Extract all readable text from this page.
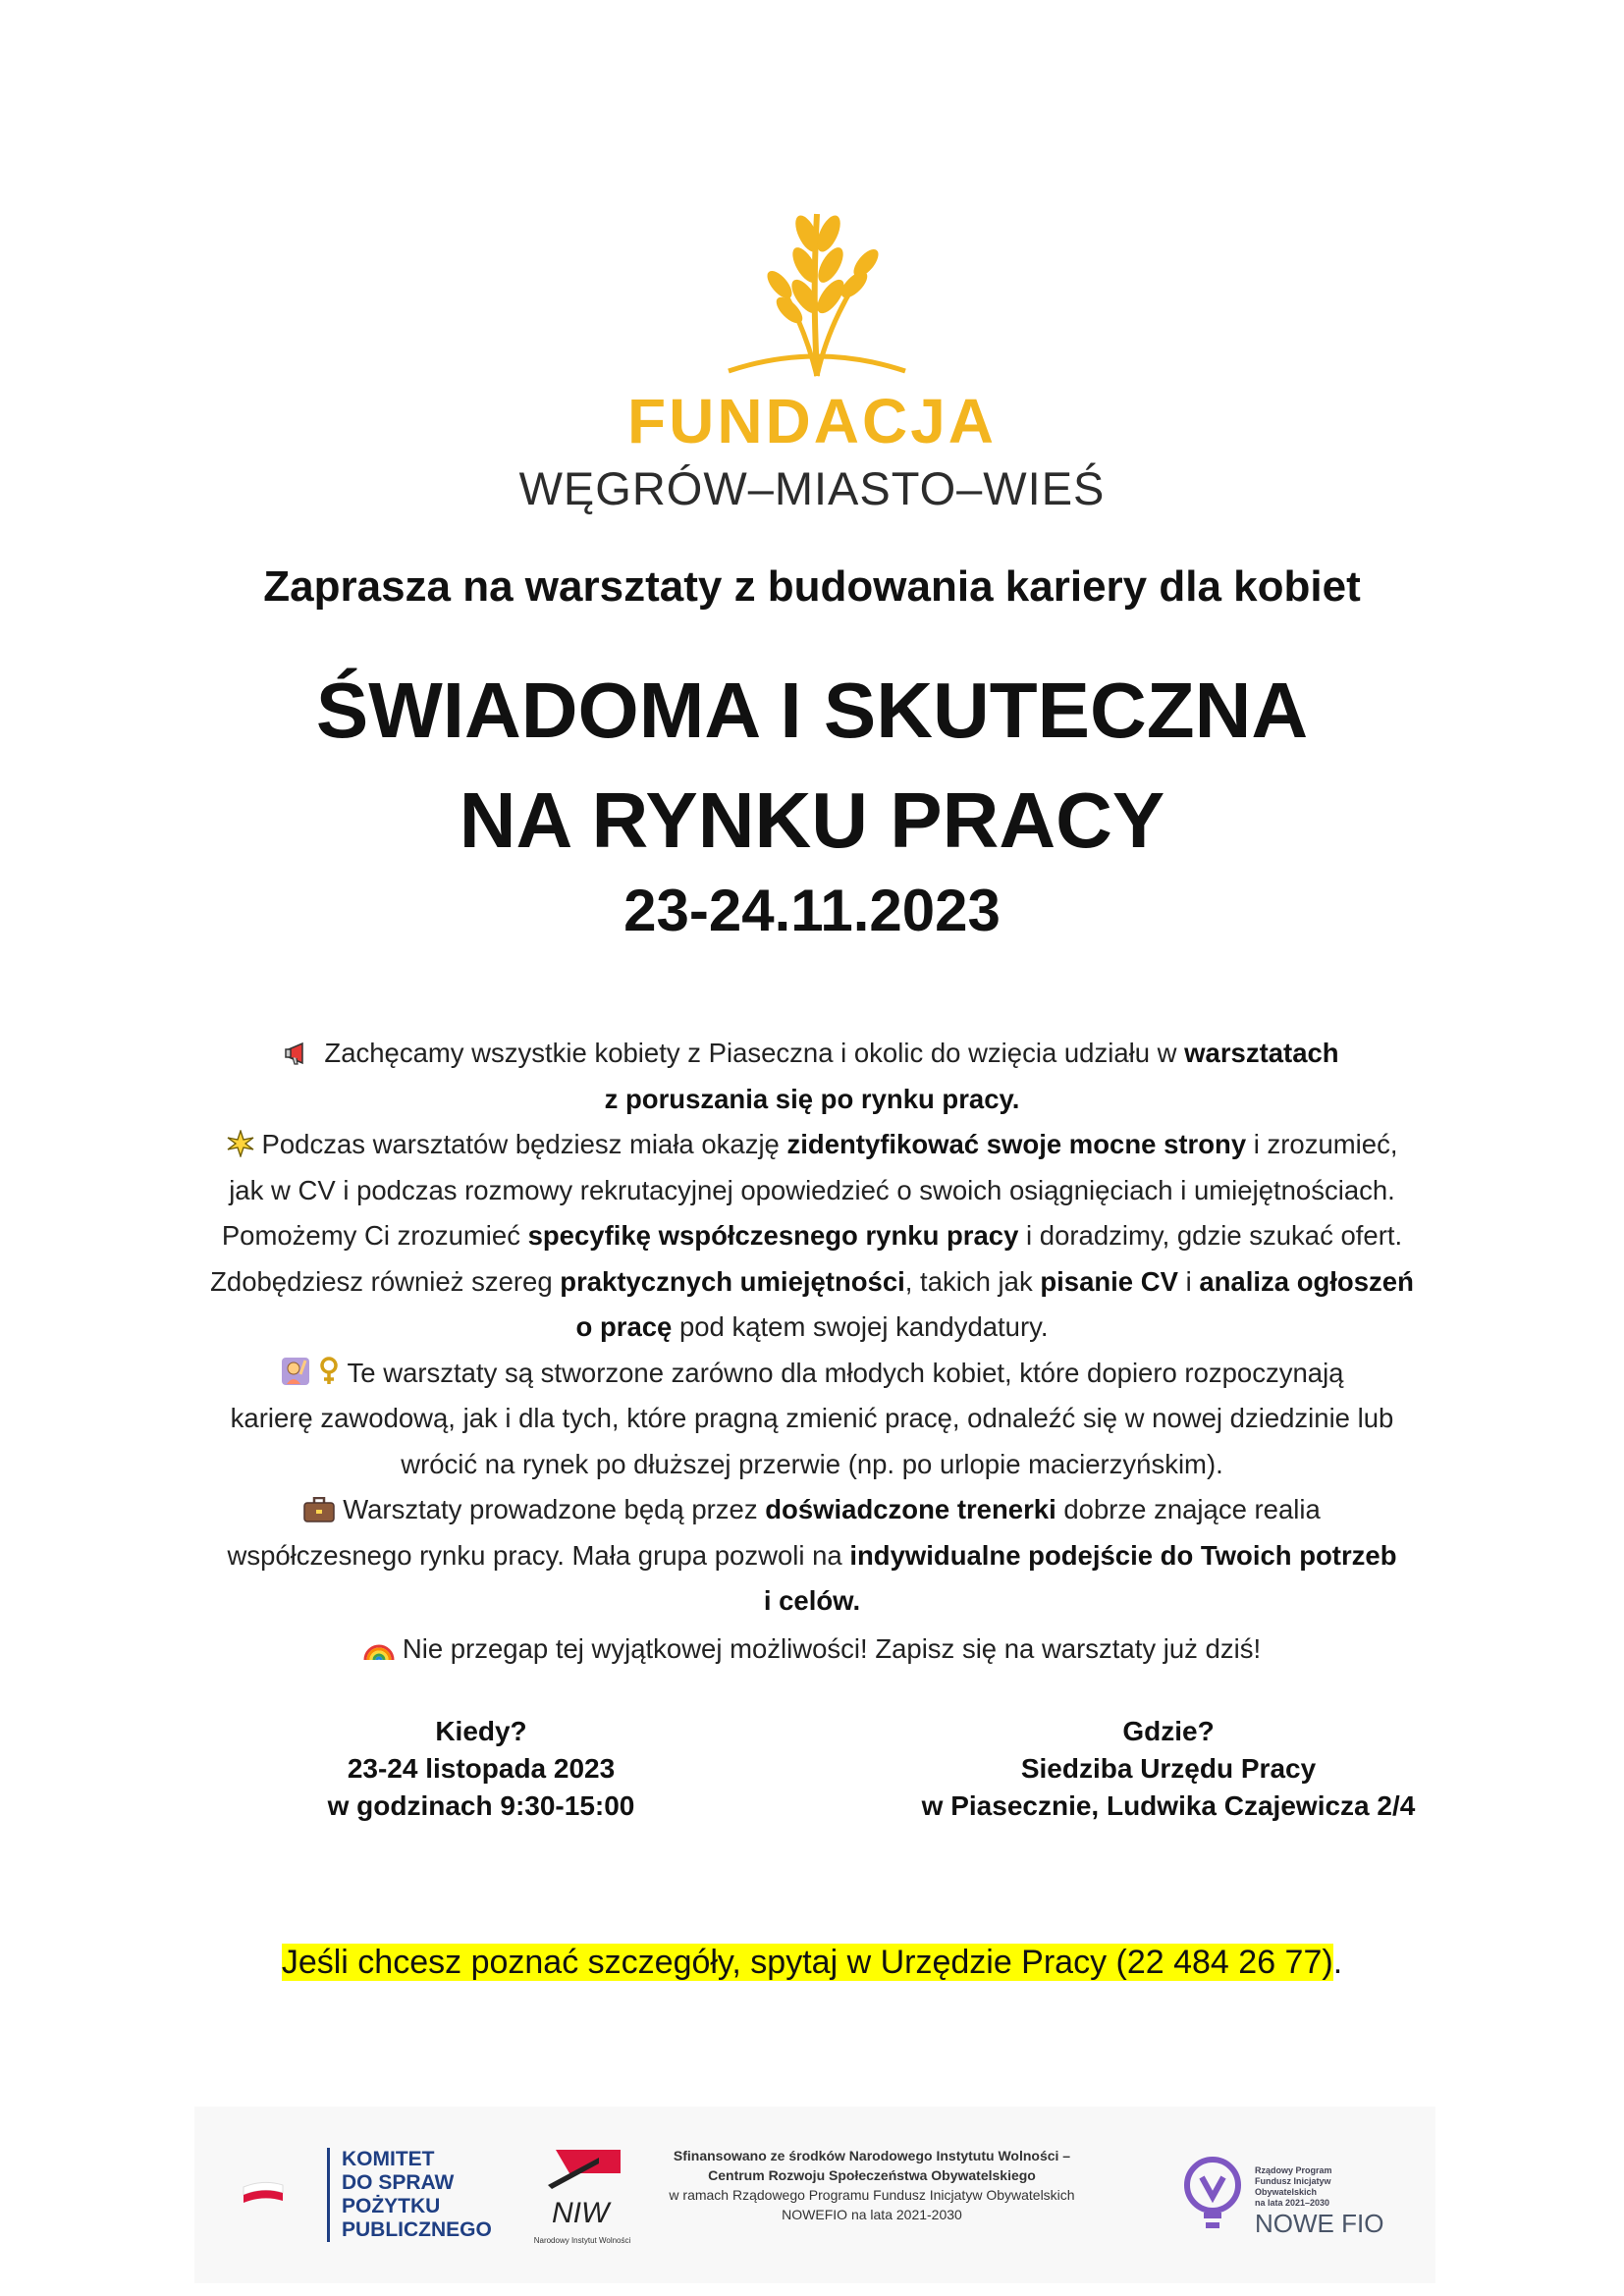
FUNDACJA
WĘGRÓW–MIASTO–WIEŚ
Zaprasza na warsztaty z budowania kariery dla kobiet
ŚWIADOMA I SKUTECZNA
NA RYNKU PRACY
23-24.11.2023
Zachęcamy wszystkie kobiety z Piaseczna i okolic do wzięcia udziału w warsztatach
z poruszania się po rynku pracy.
Podczas warsztatów będziesz miała okazję zidentyfikować swoje mocne strony i zrozumieć,
jak w CV i podczas rozmowy rekrutacyjnej opowiedzieć o swoich osiągnięciach i umiejętnościach.
Pomożemy Ci zrozumieć specyfikę współczesnego rynku pracy i doradzimy, gdzie szukać ofert.
Zdobędziesz również szereg praktycznych umiejętności, takich jak pisanie CV i analiza ogłoszeń
o pracę pod kątem swojej kandydatury.
Te warsztaty są stworzone zarówno dla młodych kobiet, które dopiero rozpoczynają
karierę zawodową, jak i dla tych, które pragną zmienić pracę, odnaleźć się w nowej dziedzinie lub
wrócić na rynek po dłuższej przerwie (np. po urlopie macierzyńskim).
Warsztaty prowadzone będą przez doświadczone trenerki dobrze znające realia
współczesnego rynku pracy. Mała grupa pozwoli na indywidualne podejście do Twoich potrzeb
i celów.
Nie przegap tej wyjątkowej możliwości! Zapisz się na warsztaty już dziś!
Kiedy?
23-24 listopada 2023
w godzinach 9:30-15:00
Gdzie?
Siedziba Urzędu Pracy
w Piasecznie, Ludwika Czajewicza 2/4
Jeśli chcesz poznać szczegóły, spytaj w Urzędzie Pracy (22 484 26 77).
KOMITET
DO SPRAW
POŻYTKU
PUBLICZNEGO
NIW
Narodowy Instytut Wolności
Sfinansowano ze środków Narodowego Instytutu Wolności –
Centrum Rozwoju Społeczeństwa Obywatelskiego
w ramach Rządowego Programu Fundusz Inicjatyw Obywatelskich
NOWEFIO na lata 2021-2030
Rządowy Program
Fundusz Inicjatyw
Obywatelskich
na lata 2021–2030
NOWE FIO
